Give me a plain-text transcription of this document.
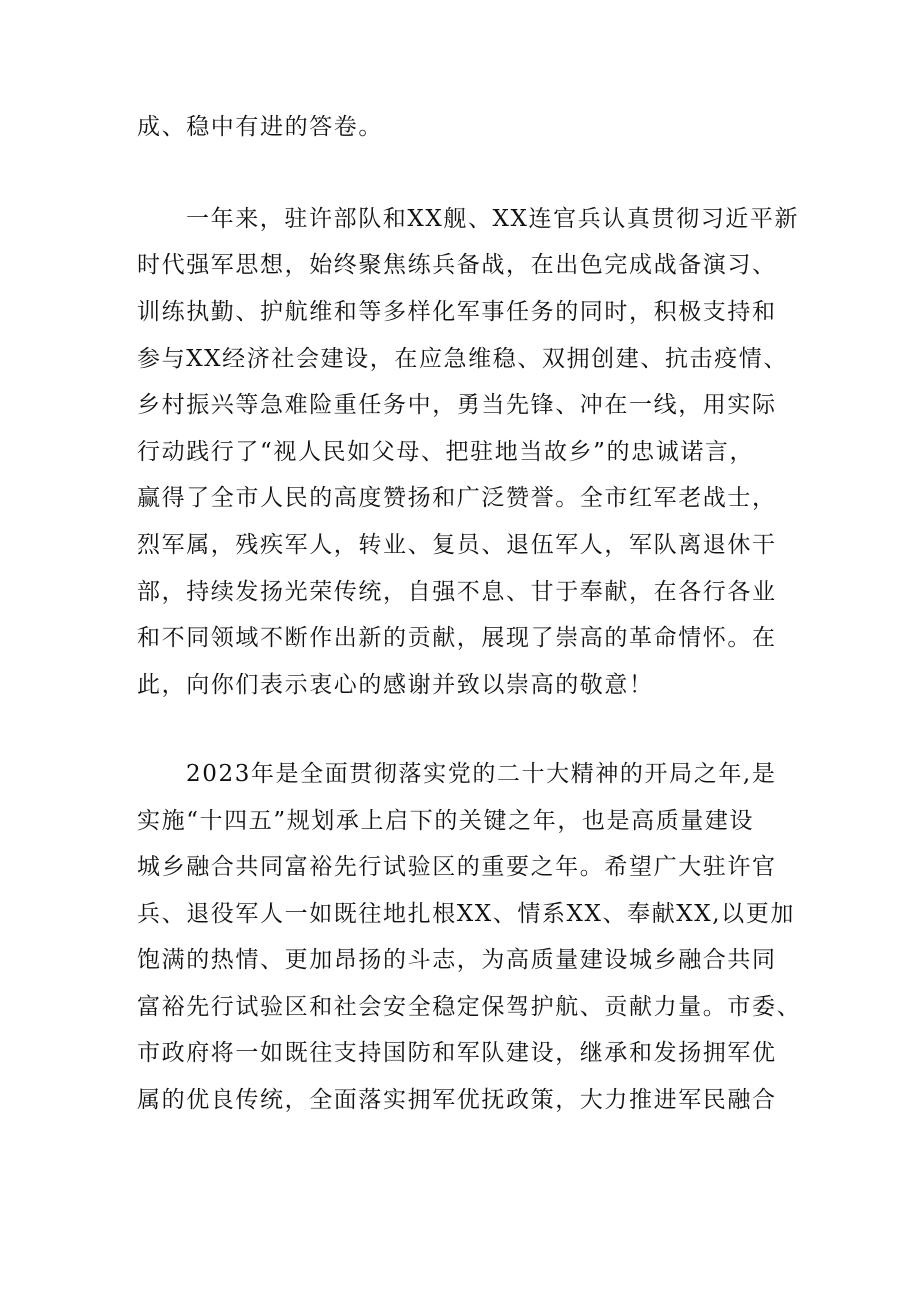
成、稳中有进的答卷。
一年来，驻许部队和XX舰、XX连官兵认真贯彻习近平新
时代强军思想，始终聚焦练兵备战，在出色完成战备演习、
训练执勤、护航维和等多样化军事任务的同时，积极支持和
参与XX经济社会建设，在应急维稳、双拥创建、抗击疫情、
乡村振兴等急难险重任务中，勇当先锋、冲在一线，用实际
行动践行了“视人民如父母、把驻地当故乡”的忠诚诺言，
赢得了全市人民的高度赞扬和广泛赞誉。全市红军老战士，
烈军属，残疾军人，转业、复员、退伍军人，军队离退休干
部，持续发扬光荣传统，自强不息、甘于奉献，在各行各业
和不同领域不断作出新的贡献，展现了崇高的革命情怀。在
此，向你们表示衷心的感谢并致以崇高的敬意！
2023年是全面贯彻落实党的二十大精神的开局之年,是
实施“十四五”规划承上启下的关键之年，也是高质量建设
城乡融合共同富裕先行试验区的重要之年。希望广大驻许官
兵、退役军人一如既往地扎根XX、情系XX、奉献XX,以更加
饱满的热情、更加昂扬的斗志，为高质量建设城乡融合共同
富裕先行试验区和社会安全稳定保驾护航、贡献力量。市委、
市政府将一如既往支持国防和军队建设，继承和发扬拥军优
属的优良传统，全面落实拥军优抚政策，大力推进军民融合
